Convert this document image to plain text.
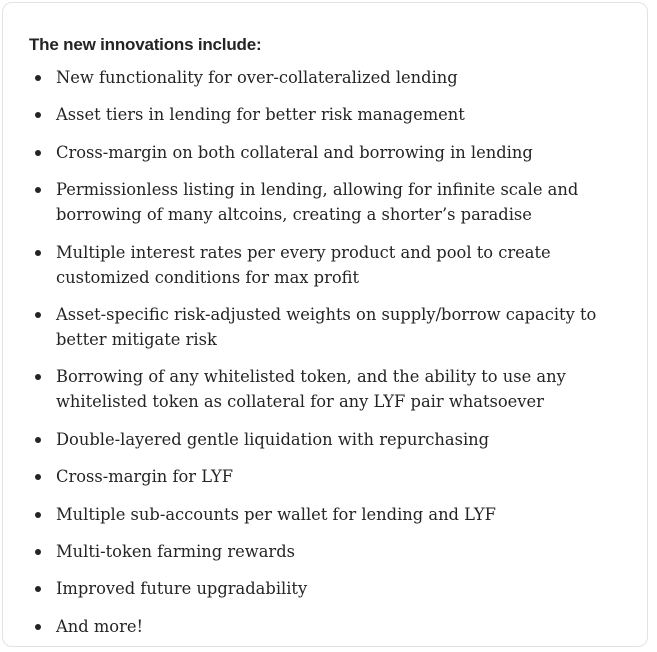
The new innovations include:
New functionality for over-collateralized lending
Asset tiers in lending for better risk management
Cross-margin on both collateral and borrowing in lending
Permissionless listing in lending, allowing for infinite scale and borrowing of many altcoins, creating a shorter’s paradise
Multiple interest rates per every product and pool to create customized conditions for max profit
Asset-specific risk-adjusted weights on supply/borrow capacity to better mitigate risk
Borrowing of any whitelisted token, and the ability to use any whitelisted token as collateral for any LYF pair whatsoever
Double-layered gentle liquidation with repurchasing
Cross-margin for LYF
Multiple sub-accounts per wallet for lending and LYF
Multi-token farming rewards
Improved future upgradability
And more!
